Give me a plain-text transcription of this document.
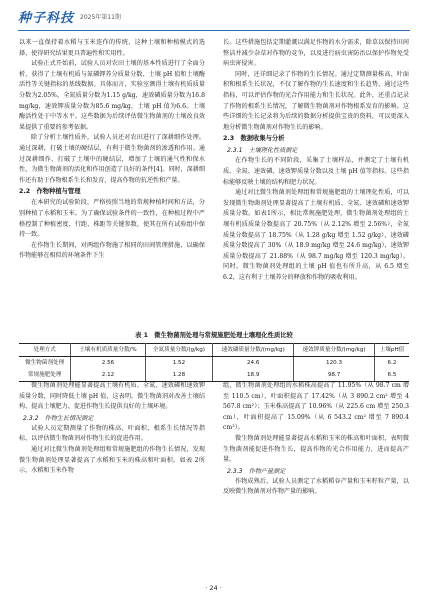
种子科技 2025年第11期

以来一直保持着水稻与玉米连作的传统，这种土壤和种植模式的选择，使得研究结果更具普遍性和实用性。

试验正式开始前，试验人员对农田土壤的基本性质进行了全面分析，获得了土壤有机质与氮磷钾养分质量分数、土壤 pH 值和土壤酶活性等关键指标的基线数据。具体而言，实验室测得土壤有机质质量分数为2.05%，全氮质量分数为1.15 g/kg，速效磷质量分数为16.8 mg/kg，速效钾质量分数为85.6 mg/kg，土壤 pH 值为6.6。土壤酶活性处于中等水平。这些数据为后续评估微生物菌剂的土壤改良效果提供了重要的参考依据。

除了分析土壤性质外，试验人员还对农田进行了深耕细作处理。通过深耕，打破土壤的硬结层，有利于微生物菌剂的渗透和作用。通过深耕细作，打破了土壤中的硬结层，增加了土壤的通气性和保水性，为微生物菌剂的活化和作用创造了良好的条件[4]。同时，深耕细作还有助于作物根系生长和发育，提高作物的抗逆性和产量。

2.2　作物种植与管理

在本研究的试验阶段，严格按照当地的常规种植时间和方法，分别种植了水稻和玉米。为了确保试验条件的一致性，在种植过程中严格控制了种植密度、行距、株距等关键参数，使其在所有试验组中保持一致。

在作物生长期间，对两组作物施了相同的田间管理措施，以确保作物能够在相似的环境条件下生

长。这些措施包括定期灌溉以满足作物的水分需求，除草以保持田间整洁并减少杂草对作物的竞争，以及进行病虫害防治以保护作物免受病虫害侵害。

同时，还详细记录了作物的生长情况。通过定期测量株高、叶面积和根系生长状况，不仅了解作物的生长速度和生长趋势，通过这些指标，可以评估作物的光合作用能力和生长状况。此外，还重点记录了作物的根系生长情况，了解微生物菌剂对作物根系发育的影响。这些详细的生长记录将为后续的数据分析提供宝贵的资料，可以更深入地分析微生物菌剂对作物生长的影响。

2.3　数据收集与分析
2.3.1　土壤理化性质测定

在作物生长的不同阶段，采集了土壤样品，并测定了土壤有机质、全氮、速效磷、速效钾质量分数以及土壤 pH 值等指标。这些指标能够反映土壤的结构和肥力状况。

通过对比微生物菌剂处理组和常规施肥组的土壤理化性质，可以发现微生物菌剂处理显著提高了土壤有机质、全氮、速效磷和速效钾质量分数。如表1所示，相比常规施肥处理，微生物菌剂处理组的土壤有机质质量分数提高了 20.75%（从 2.12% 增至 2.56%），全氮质量分数提高了 18.75%（从 1.28 g/kg 增至 1.52 g/kg），速效磷质量分数提高了 30%（从 18.9 mg/kg 增至 24.6 mg/kg），速效钾质量分数提高了 21.88%（从 98.7 mg/kg 增至 120.3 mg/kg）。同时，微生物菌剂处理组的土壤 pH 值也有所升高，从 6.5 增至 6.2，这有利于土壤养分的释放和作物的吸收利用。

表 1　微生物菌剂处理与常规施肥处理土壤理化性质比较
处理方式	土壤有机质质量分数/%	全氮质量分数/(g/kg)	速效磷质量分数/(mg/kg)	速效钾质量分数/(mg/kg)	土壤pH值
微生物菌剂处理	2.56	1.52	24.6	120.3	6.2
常规施肥处理	2.12	1.28	18.9	98.7	6.5

微生物菌剂处理能显著提高土壤有机质、全氮、速效磷和速效钾质量分数，同时降低土壤 pH 值，这表明，微生物菌剂对改善土壤结构、提高土壤肥力、促进作物生长提供良好的土壤环境。

2.3.2　作物生长情况测定

试验人员定期测量了作物的株高、叶面积、根系生长情况等指标，以评估微生物菌剂对作物生长的促进作用。

通过对比微生物菌剂处理组和常规施肥组的作物生长情况，发现微生物菌剂处理显著提高了水稻和玉米的株高和叶面积。如表 2所示，水稻和玉米作物

组，微生物菌剂处理组的水稻株高提高了 11.95%（从 98.7 cm 增至 110.5 cm），叶面积提高了 17.42%（从 3 890.2 cm² 增至 4 567.8 cm²）；玉米株高提高了 10.96%（从 225.6 cm 增至 250.3 cm），叶面积提高了 15.09%（从 6 543.2 cm² 增至 7 890.4 cm²）。

微生物菌剂处理能显著提高水稻和玉米的株高和叶面积，表明微生物菌剂能促进作物生长，提高作物的光合作用能力，进而提高产量。

2.3.3　作物产量测定

作物成熟后，试验人员测定了水稻稻谷产量和玉米籽粒产量，以反映微生物菌剂对作物产量的影响。

· 24 ·
